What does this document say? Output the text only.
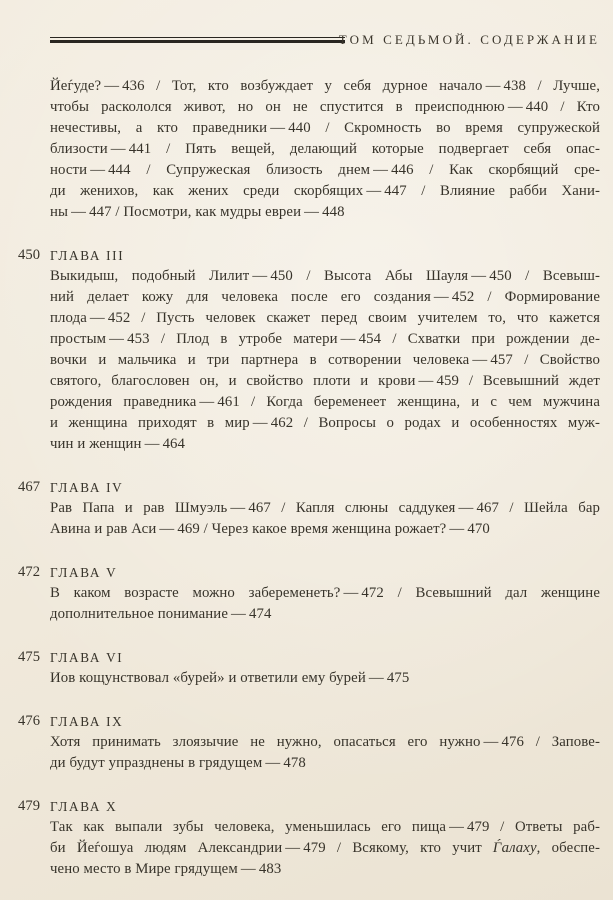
ТОМ СЕДЬМОЙ. СОДЕРЖАНИЕ
Йеѓуде? — 436 / Тот, кто возбуждает у себя дурное начало — 438 / Лучше,
чтобы раскололся живот, но он не спустится в преисподнюю — 440 / Кто
нечестивы, а кто праведники — 440 / Скромность во время супружеской
близости — 441 / Пять вещей, делающий которые подвергает себя опас-
ности — 444 / Супружеская близость днем — 446 / Как скорбящий сре-
ди женихов, как жених среди скорбящих — 447 / Влияние рабби Хани-
ны — 447 / Посмотри, как мудры евреи — 448
450 ГЛАВА III
Выкидыш, подобный Лилит — 450 / Высота Абы Шауля — 450 / Всевыш-
ний делает кожу для человека после его создания — 452 / Формирование
плода — 452 / Пусть человек скажет перед своим учителем то, что кажется
простым — 453 / Плод в утробе матери — 454 / Схватки при рождении де-
вочки и мальчика и три партнера в сотворении человека — 457 / Свойство
святого, благословен он, и свойство плоти и крови — 459 / Всевышний ждет
рождения праведника — 461 / Когда беременеет женщина, и с чем мужчина
и женщина приходят в мир — 462 / Вопросы о родах и особенностях муж-
чин и женщин — 464
467 ГЛАВА IV
Рав Папа и рав Шмуэль — 467 / Капля слюны саддукея — 467 / Шейла бар
Авина и рав Аси — 469 / Через какое время женщина рожает? — 470
472 ГЛАВА V
В каком возрасте можно забеременеть? — 472 / Всевышний дал женщине
дополнительное понимание — 474
475 ГЛАВА VI
Иов кощунствовал «бурей» и ответили ему бурей — 475
476 ГЛАВА IX
Хотя принимать злоязычие не нужно, опасаться его нужно — 476 / Запове-
ди будут упразднены в грядущем — 478
479 ГЛАВА X
Так как выпали зубы человека, уменьшилась его пища — 479 / Ответы раб-
би Йеѓошуа людям Александрии — 479 / Всякому, кто учит Ѓалаху, обеспе-
чено место в Мире грядущем — 483
